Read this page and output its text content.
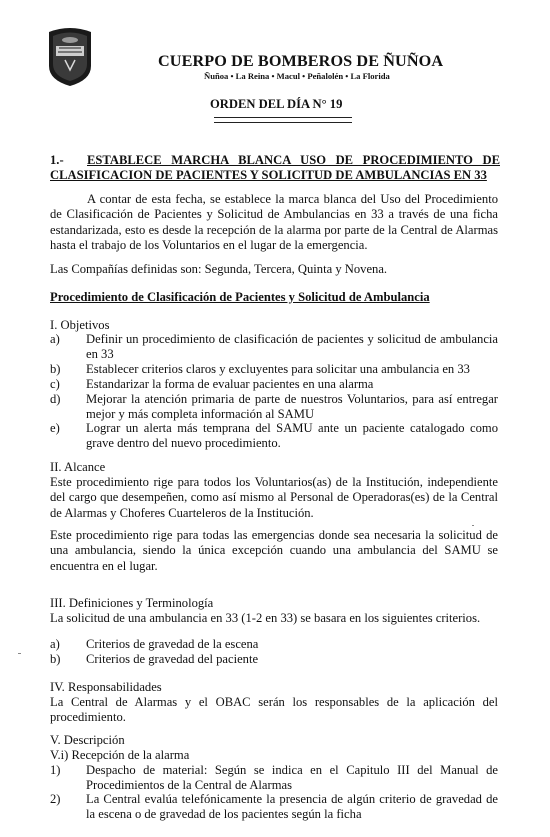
CUERPO DE BOMBEROS DE ÑUÑOA
Ñuñoa • La Reina • Macul • Peñalolén • La Florida
ORDEN DEL DÍA N° 19
1.-	ESTABLECE MARCHA BLANCA USO DE PROCEDIMIENTO DE CLASIFICACION DE PACIENTES Y SOLICITUD DE AMBULANCIAS EN 33
A contar de esta fecha, se establece la marca blanca del Uso del Procedimiento de Clasificación de Pacientes y Solicitud de Ambulancias en 33 a través de una ficha estandarizada, esto es desde la recepción de la alarma por parte de la Central de Alarmas hasta el trabajo de los Voluntarios en el lugar de la emergencia.
Las Compañías definidas son: Segunda, Tercera, Quinta y Novena.
Procedimiento de Clasificación de Pacientes y Solicitud de Ambulancia
I. Objetivos
a)	Definir un procedimiento de clasificación de pacientes y solicitud de ambulancia en 33
b)	Establecer criterios claros y excluyentes para solicitar una ambulancia en 33
c)	Estandarizar la forma de evaluar pacientes en una alarma
d)	Mejorar la atención primaria de parte de nuestros Voluntarios, para así entregar mejor y más completa información al SAMU
e)	Lograr un alerta más temprana del SAMU ante un paciente catalogado como grave dentro del nuevo procedimiento.
II. Alcance
Este procedimiento rige para todos los Voluntarios(as) de la Institución, independiente del cargo que desempeñen, como así mismo al Personal de Operadoras(es) de la Central de Alarmas y Choferes Cuarteleros de la Institución.
Este procedimiento rige para todas las emergencias donde sea necesaria la solicitud de una ambulancia, siendo la única excepción cuando una ambulancia del SAMU se encuentra en el lugar.
III. Definiciones y Terminología
La solicitud de una ambulancia en 33 (1-2 en 33) se basara en los siguientes criterios.
a)	Criterios de gravedad de la escena
b)	Criterios de gravedad del paciente
IV. Responsabilidades
La Central de Alarmas y el OBAC serán los responsables de la aplicación del procedimiento.
V. Descripción
V.i) Recepción de la alarma
1)	Despacho de material: Según se indica en el Capitulo III del Manual de Procedimientos de la Central de Alarmas
2)	La Central evalúa telefónicamente la presencia de algún criterio de gravedad de la escena o de gravedad de los pacientes según la ficha
